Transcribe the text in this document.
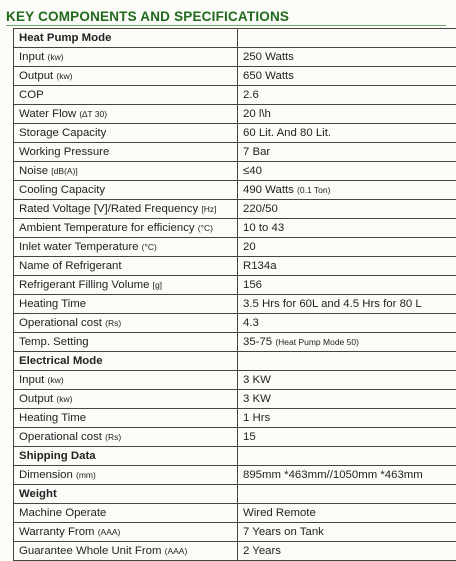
KEY COMPONENTS AND SPECIFICATIONS
Heat Pump Mode	
Input (kw)	250 Watts
Output (kw)	650 Watts
COP	2.6
Water Flow (∆T 30)	20 l\h
Storage Capacity	60 Lit. And 80 Lit.
Working Pressure	7 Bar
Noise [dB(A)]	≤40
Cooling Capacity	490 Watts (0.1 Ton)
Rated Voltage [V]/Rated Frequency [Hz]	220/50
Ambient Temperature for efficiency (°C)	10 to 43
Inlet water Temperature (°C)	20
Name of Refrigerant	R134a
Refrigerant Filling Volume [g]	156
Heating Time	3.5 Hrs for 60L and 4.5 Hrs for 80 L
Operational cost (Rs)	4.3
Temp. Setting	35-75 (Heat Pump Mode 50)
Electrical Mode	
Input (kw)	3 KW
Output (kw)	3 KW
Heating Time	1 Hrs
Operational cost (Rs)	15
Shipping Data	
Dimension (mm)	895mm *463mm//1050mm *463mm
Weight	
Machine Operate	Wired Remote
Warranty From (AAA)	7 Years on Tank
Guarantee Whole Unit From (AAA)	2 Years
